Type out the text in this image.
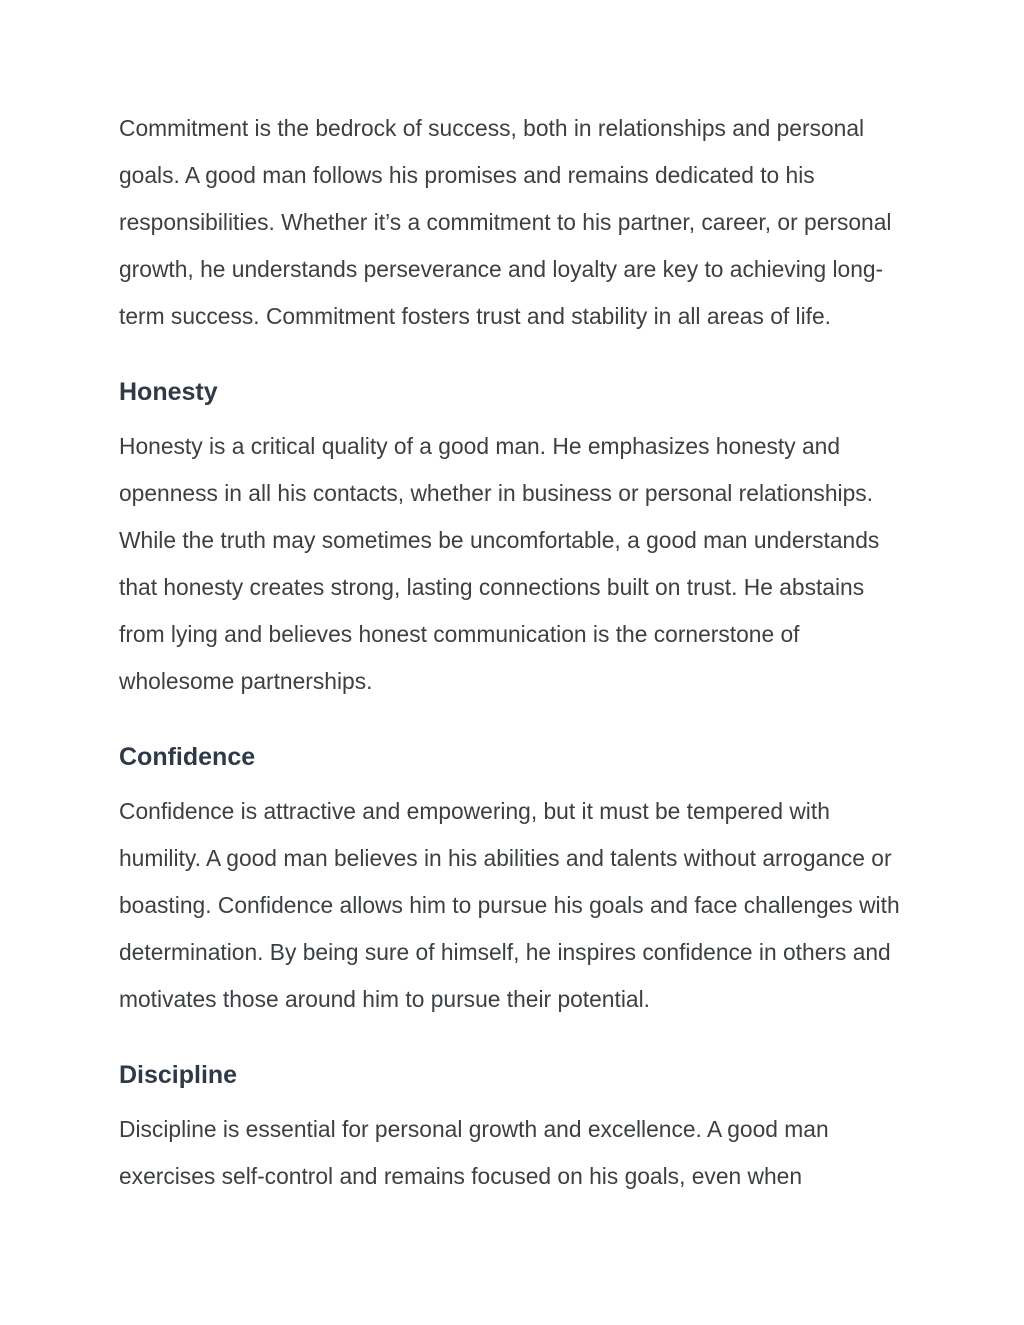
Commitment is the bedrock of success, both in relationships and personal goals. A good man follows his promises and remains dedicated to his responsibilities. Whether it’s a commitment to his partner, career, or personal growth, he understands perseverance and loyalty are key to achieving long-term success. Commitment fosters trust and stability in all areas of life.

Honesty

Honesty is a critical quality of a good man. He emphasizes honesty and openness in all his contacts, whether in business or personal relationships. While the truth may sometimes be uncomfortable, a good man understands that honesty creates strong, lasting connections built on trust. He abstains from lying and believes honest communication is the cornerstone of wholesome partnerships.

Confidence

Confidence is attractive and empowering, but it must be tempered with humility. A good man believes in his abilities and talents without arrogance or boasting. Confidence allows him to pursue his goals and face challenges with determination. By being sure of himself, he inspires confidence in others and motivates those around him to pursue their potential.

Discipline

Discipline is essential for personal growth and excellence. A good man exercises self-control and remains focused on his goals, even when
